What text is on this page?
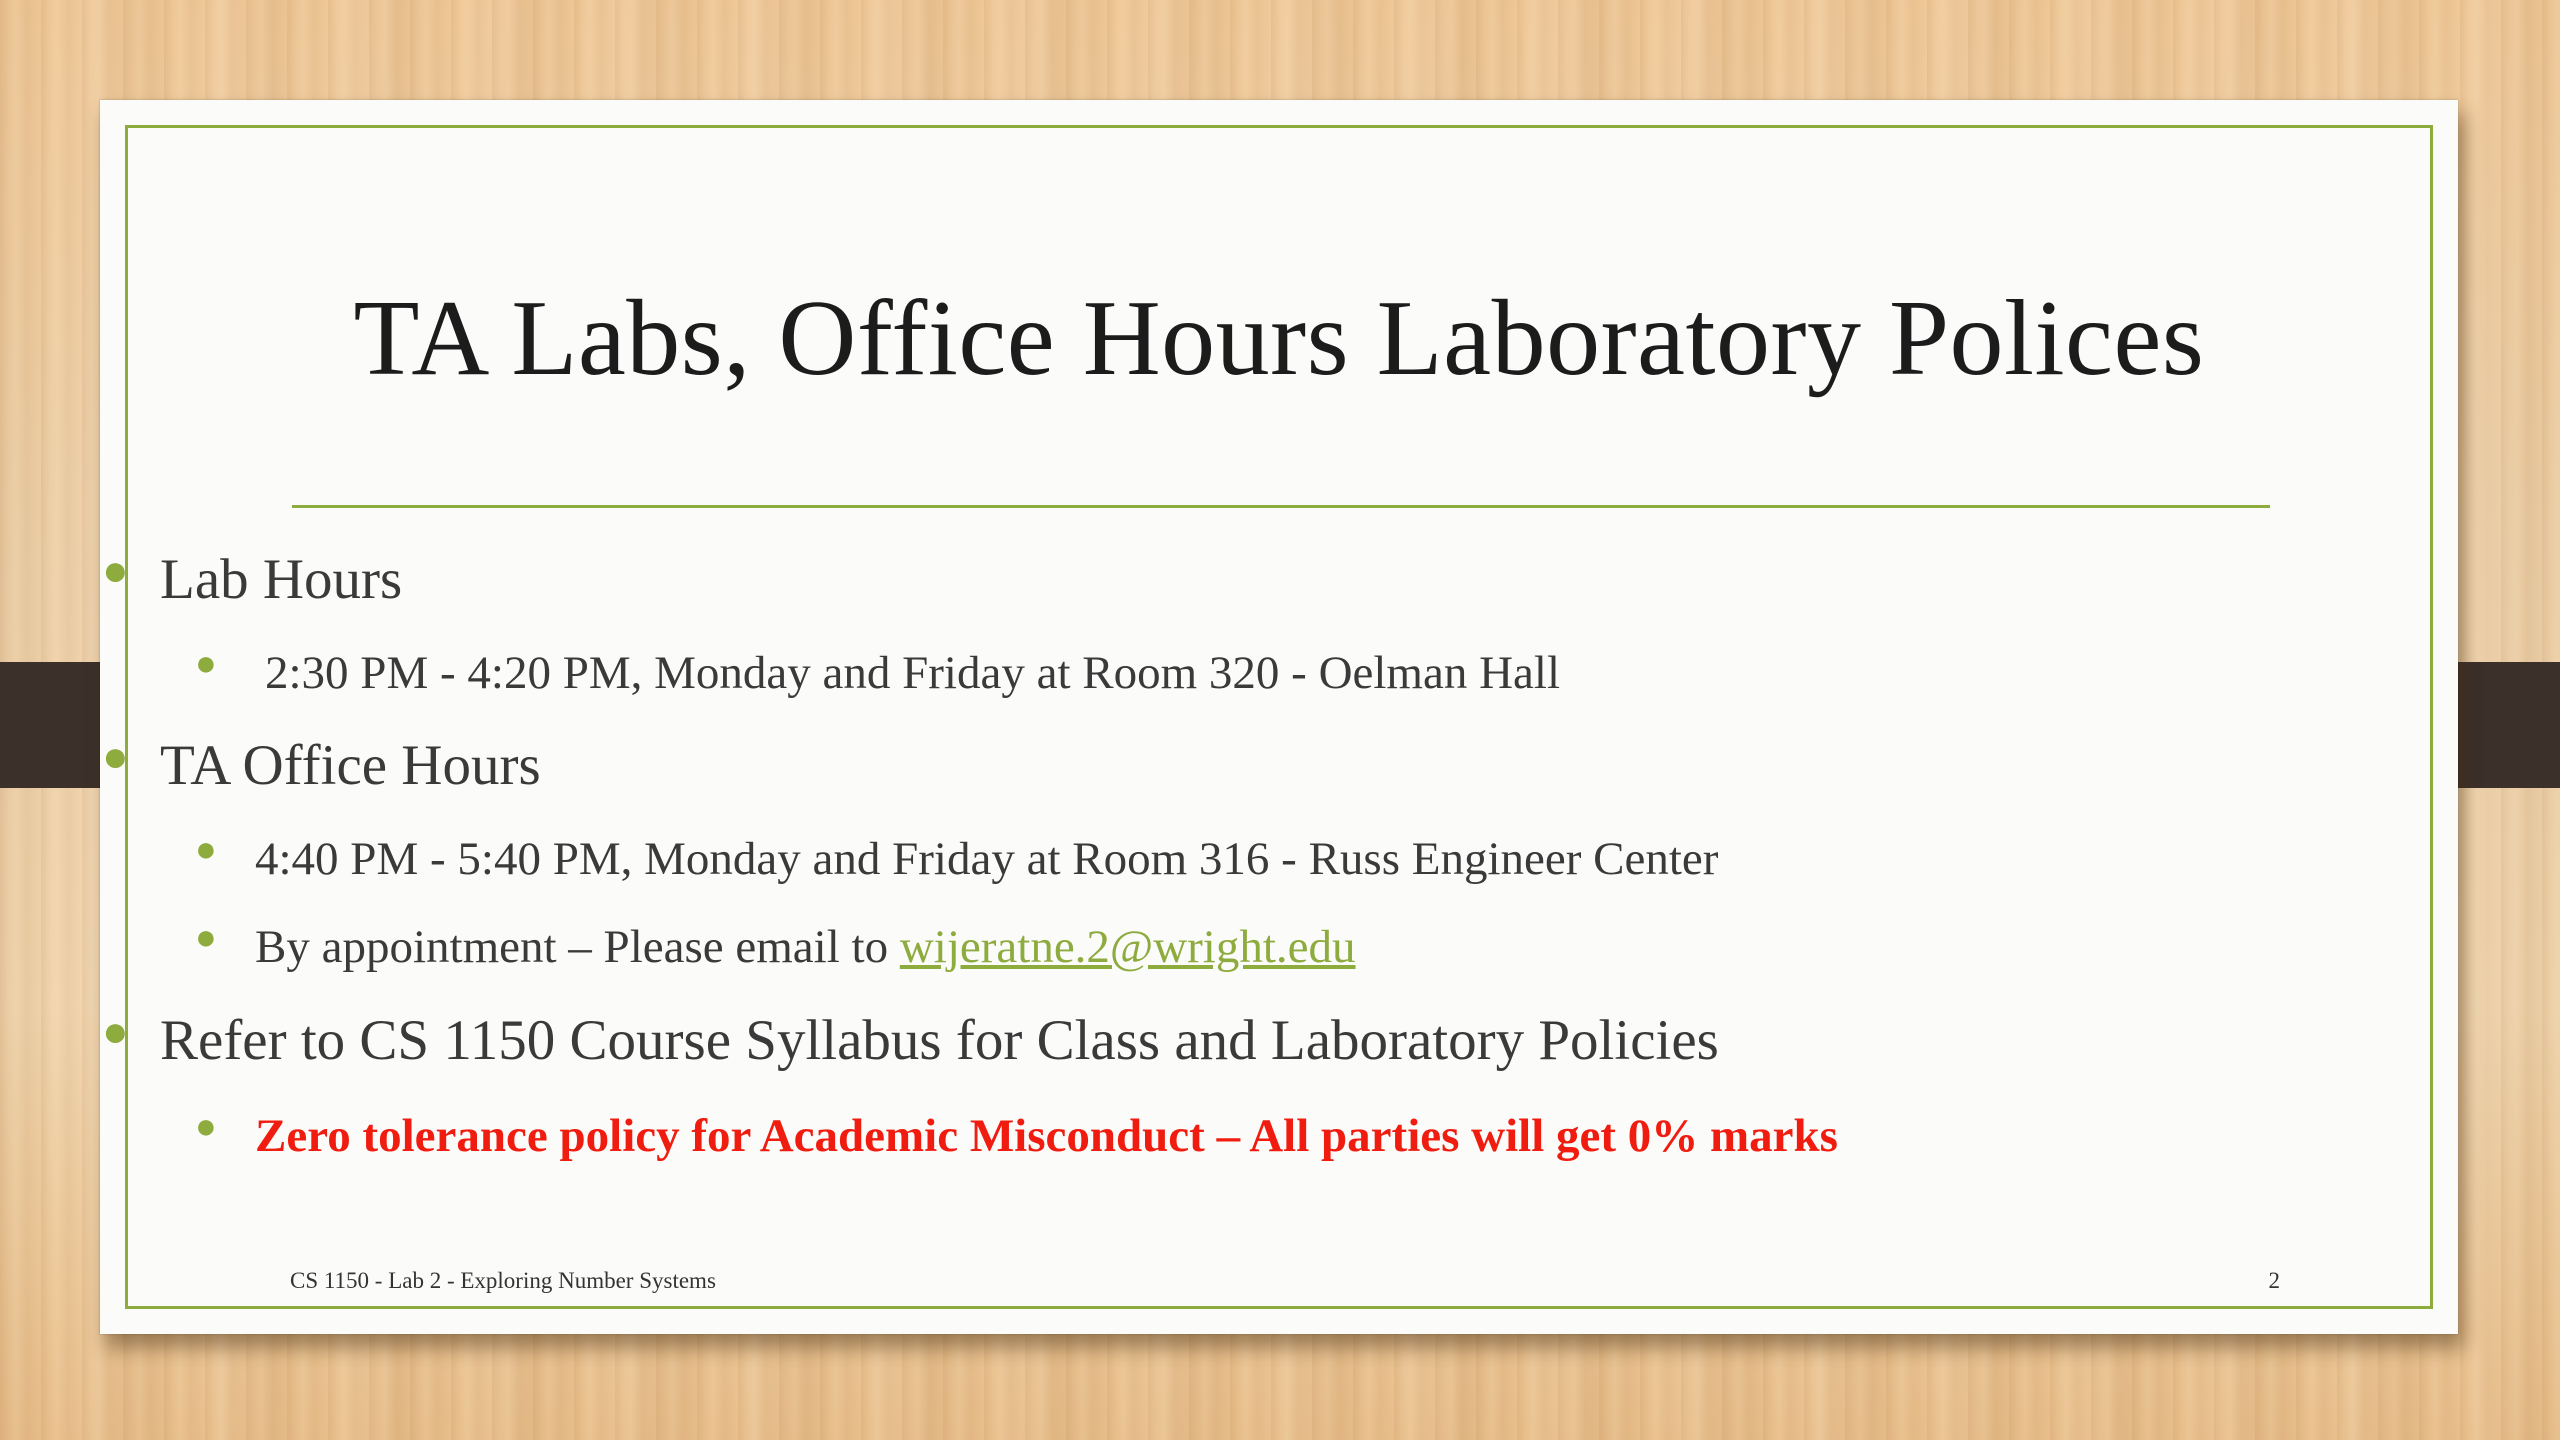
TA Labs, Office Hours Laboratory Polices
● Lab Hours
● 2:30 PM - 4:20 PM, Monday and Friday at Room 320 - Oelman Hall
● TA Office Hours
● 4:40 PM - 5:40 PM, Monday and Friday at Room 316 - Russ Engineer Center
● By appointment – Please email to wijeratne.2@wright.edu
● Refer to CS 1150 Course Syllabus for Class and Laboratory Policies
● Zero tolerance policy for Academic Misconduct – All parties will get 0% marks
CS 1150 - Lab 2 - Exploring Number Systems	2
